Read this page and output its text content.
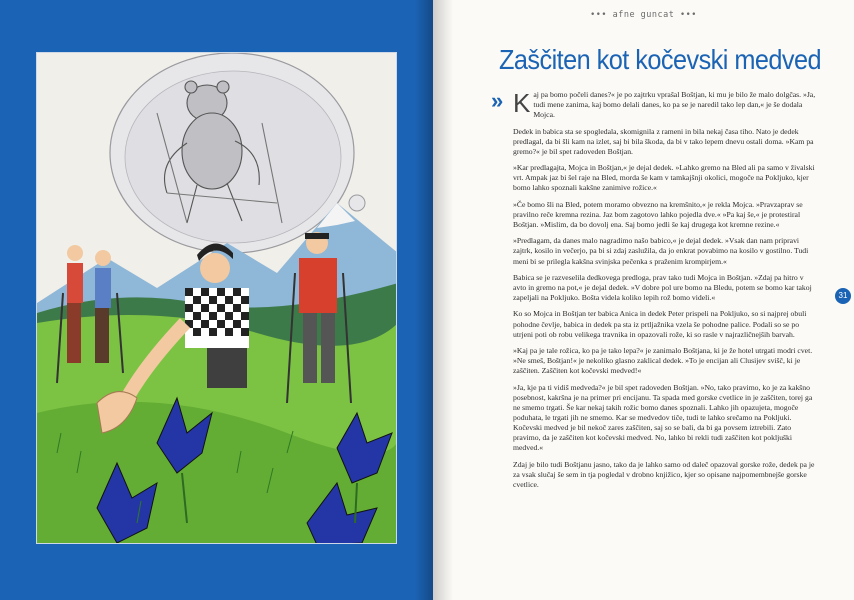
••• afne guncat •••
Zaščiten kot kočevski medved
» Kaj pa bomo počeli danes?« je po zajtrku vprašal Boštjan, ki mu je bilo že malo dolgčas. »Ja, tudi mene zanima, kaj bomo delali danes, ko pa se je naredil tako lep dan,« je še dodala Mojca.

Dedek in babica sta se spogledala, skomignila z rameni in bila nekaj časa tiho. Nato je dedek predlagal, da bi šli kam na izlet, saj bi bila škoda, da bi v tako lepem dnevu ostali doma. »Kam pa gremo?« je bil spet radoveden Boštjan.

»Kar predlagajta, Mojca in Boštjan,« je dejal dedek. »Lahko gremo na Bled ali pa samo v živalski vrt. Ampak jaz bi šel raje na Bled, morda še kam v tamkajšnji okolici, mogoče na Pokljuko, kjer bomo lahko spoznali kakšne zanimive rožice.«

»Če bomo šli na Bled, potem moramo obvezno na kremšnito,« je rekla Mojca. »Pravzaprav se pravilno reče kremna rezina. Jaz bom zagotovo lahko pojedla dve.« »Pa kaj še,« je protestiral Boštjan. »Mislim, da bo dovolj ena. Saj bomo jedli še kaj drugega kot kremne rezine.«

»Predlagam, da danes malo nagradimo našo babico,« je dejal dedek. »Vsak dan nam pripravi zajtrk, kosilo in večerjo, pa bi si zdaj zaslužila, da jo enkrat povabimo na kosilo v gostilno. Tudi meni bi se prilegla kakšna svinjska pečenka s praženim krompirjem.«

Babica se je razveselila dedkovega predloga, prav tako tudi Mojca in Boštjan. »Zdaj pa hitro v avto in gremo na pot,« je dejal dedek. »V dobre pol ure bomo na Bledu, potem se bomo kar takoj zapeljali na Pokljuko. Bošta videla koliko lepih rož bomo videli.«

Ko so Mojca in Boštjan ter babica Anica in dedek Peter prispeli na Pokljuko, so si najprej obuli pohodne čevlje, babica in dedek pa sta iz prtljažnika vzela še pohodne palice. Podali so se po utrjeni poti ob robu velikega travnika in opazovali rože, ki so rasle v najrazličnejših barvah.

»Kaj pa je tale rožica, ko pa je tako lepa?« je zanimalo Boštjana, ki je že hotel utrgati modri cvet. »Ne smeš, Boštjan!« je nekoliko glasno zaklical dedek. »To je encijan ali Clusijev svišč, ki je zaščiten. Zaščiten kot kočevski medved!«

»Ja, kje pa ti vidiš medveda?« je bil spet radoveden Boštjan. »No, tako pravimo, ko je za kakšno posebnost, kakršna je na primer pri encijanu. Ta spada med gorske cvetlice in je zaščiten, torej ga ne smemo trgati. Še kar nekaj takih rožic bomo danes spoznali. Lahko jih opazujeta, mogoče poduhata, le trgati jih ne smemo. Kar se medvedov tiče, tudi te lahko srečamo na Pokljuki. Kočevski medved je bil nekoč zares zaščiten, saj so se bali, da bi ga povsem iztrebili. Zato pravimo, da je zaščiten kot kočevski medved. No, lahko bi rekli tudi zaščiten kot pokljuški medved.«

Zdaj je bilo tudi Boštjanu jasno, tako da je lahko samo od daleč opazoval gorske rože, dedek pa je za vsak slučaj še sem in tja pogledal v drobno knjižico, kjer so opisane najpomembnejše gorske cvetlice.

31
